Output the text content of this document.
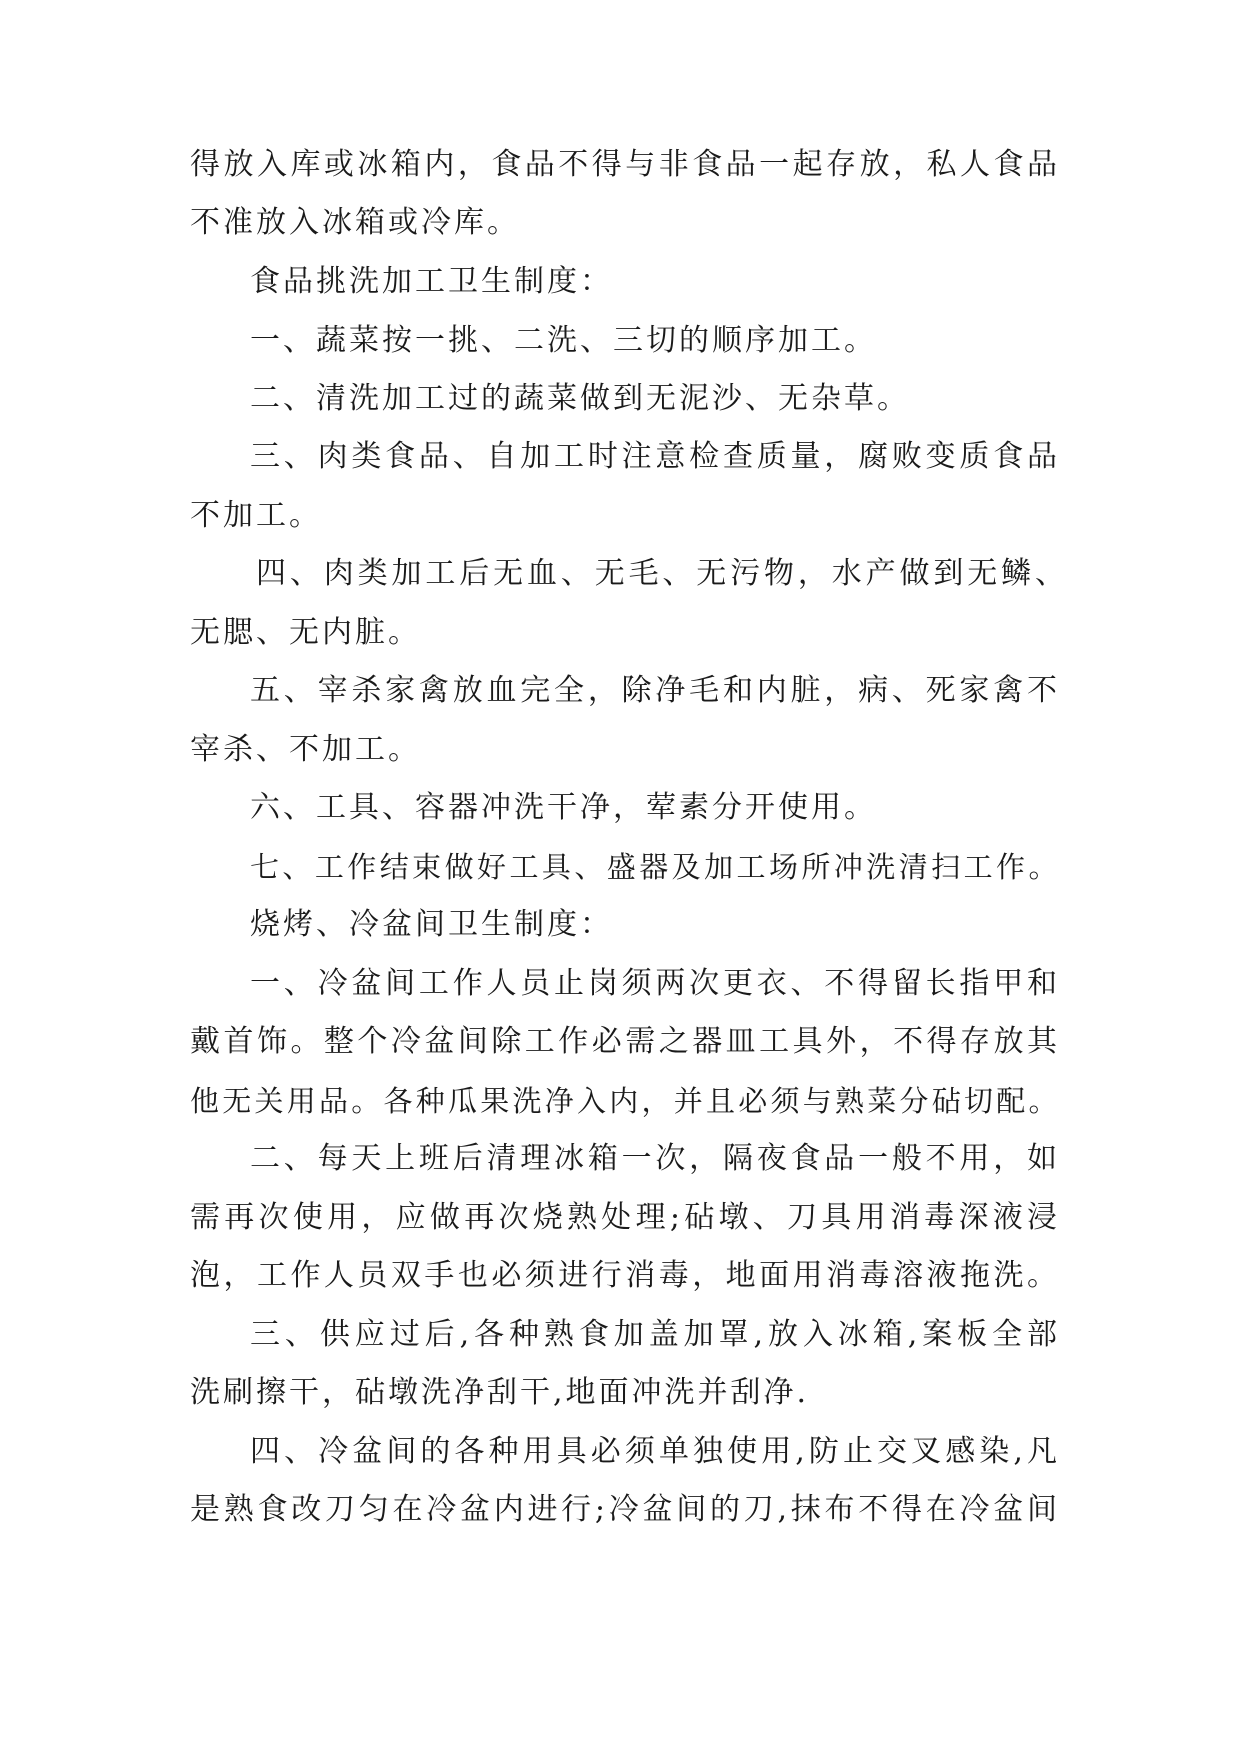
得放入库或冰箱内，食品不得与非食品一起存放，私人食品
不准放入冰箱或冷库。
食品挑洗加工卫生制度：
一、蔬菜按一挑、二洗、三切的顺序加工。
二、清洗加工过的蔬菜做到无泥沙、无杂草。
三、肉类食品、自加工时注意检查质量，腐败变质食品
不加工。
四、肉类加工后无血、无毛、无污物，水产做到无鳞、
无腮、无内脏。
五、宰杀家禽放血完全，除净毛和内脏，病、死家禽不
宰杀、不加工。
六、工具、容器冲洗干净，荤素分开使用。
七、工作结束做好工具、盛器及加工场所冲洗清扫工作。
烧烤、冷盆间卫生制度：
一、冷盆间工作人员止岗须两次更衣、不得留长指甲和
戴首饰。整个冷盆间除工作必需之器皿工具外，不得存放其
他无关用品。各种瓜果洗净入内，并且必须与熟菜分砧切配。
二、每天上班后清理冰箱一次，隔夜食品一般不用，如
需再次使用，应做再次烧熟处理;砧墩、刀具用消毒深液浸
泡，工作人员双手也必须进行消毒，地面用消毒溶液拖洗。
三、供应过后,各种熟食加盖加罩,放入冰箱,案板全部
洗刷擦干，砧墩洗净刮干,地面冲洗并刮净.
四、冷盆间的各种用具必须单独使用,防止交叉感染,凡
是熟食改刀匀在冷盆内进行;冷盆间的刀,抹布不得在冷盆间
